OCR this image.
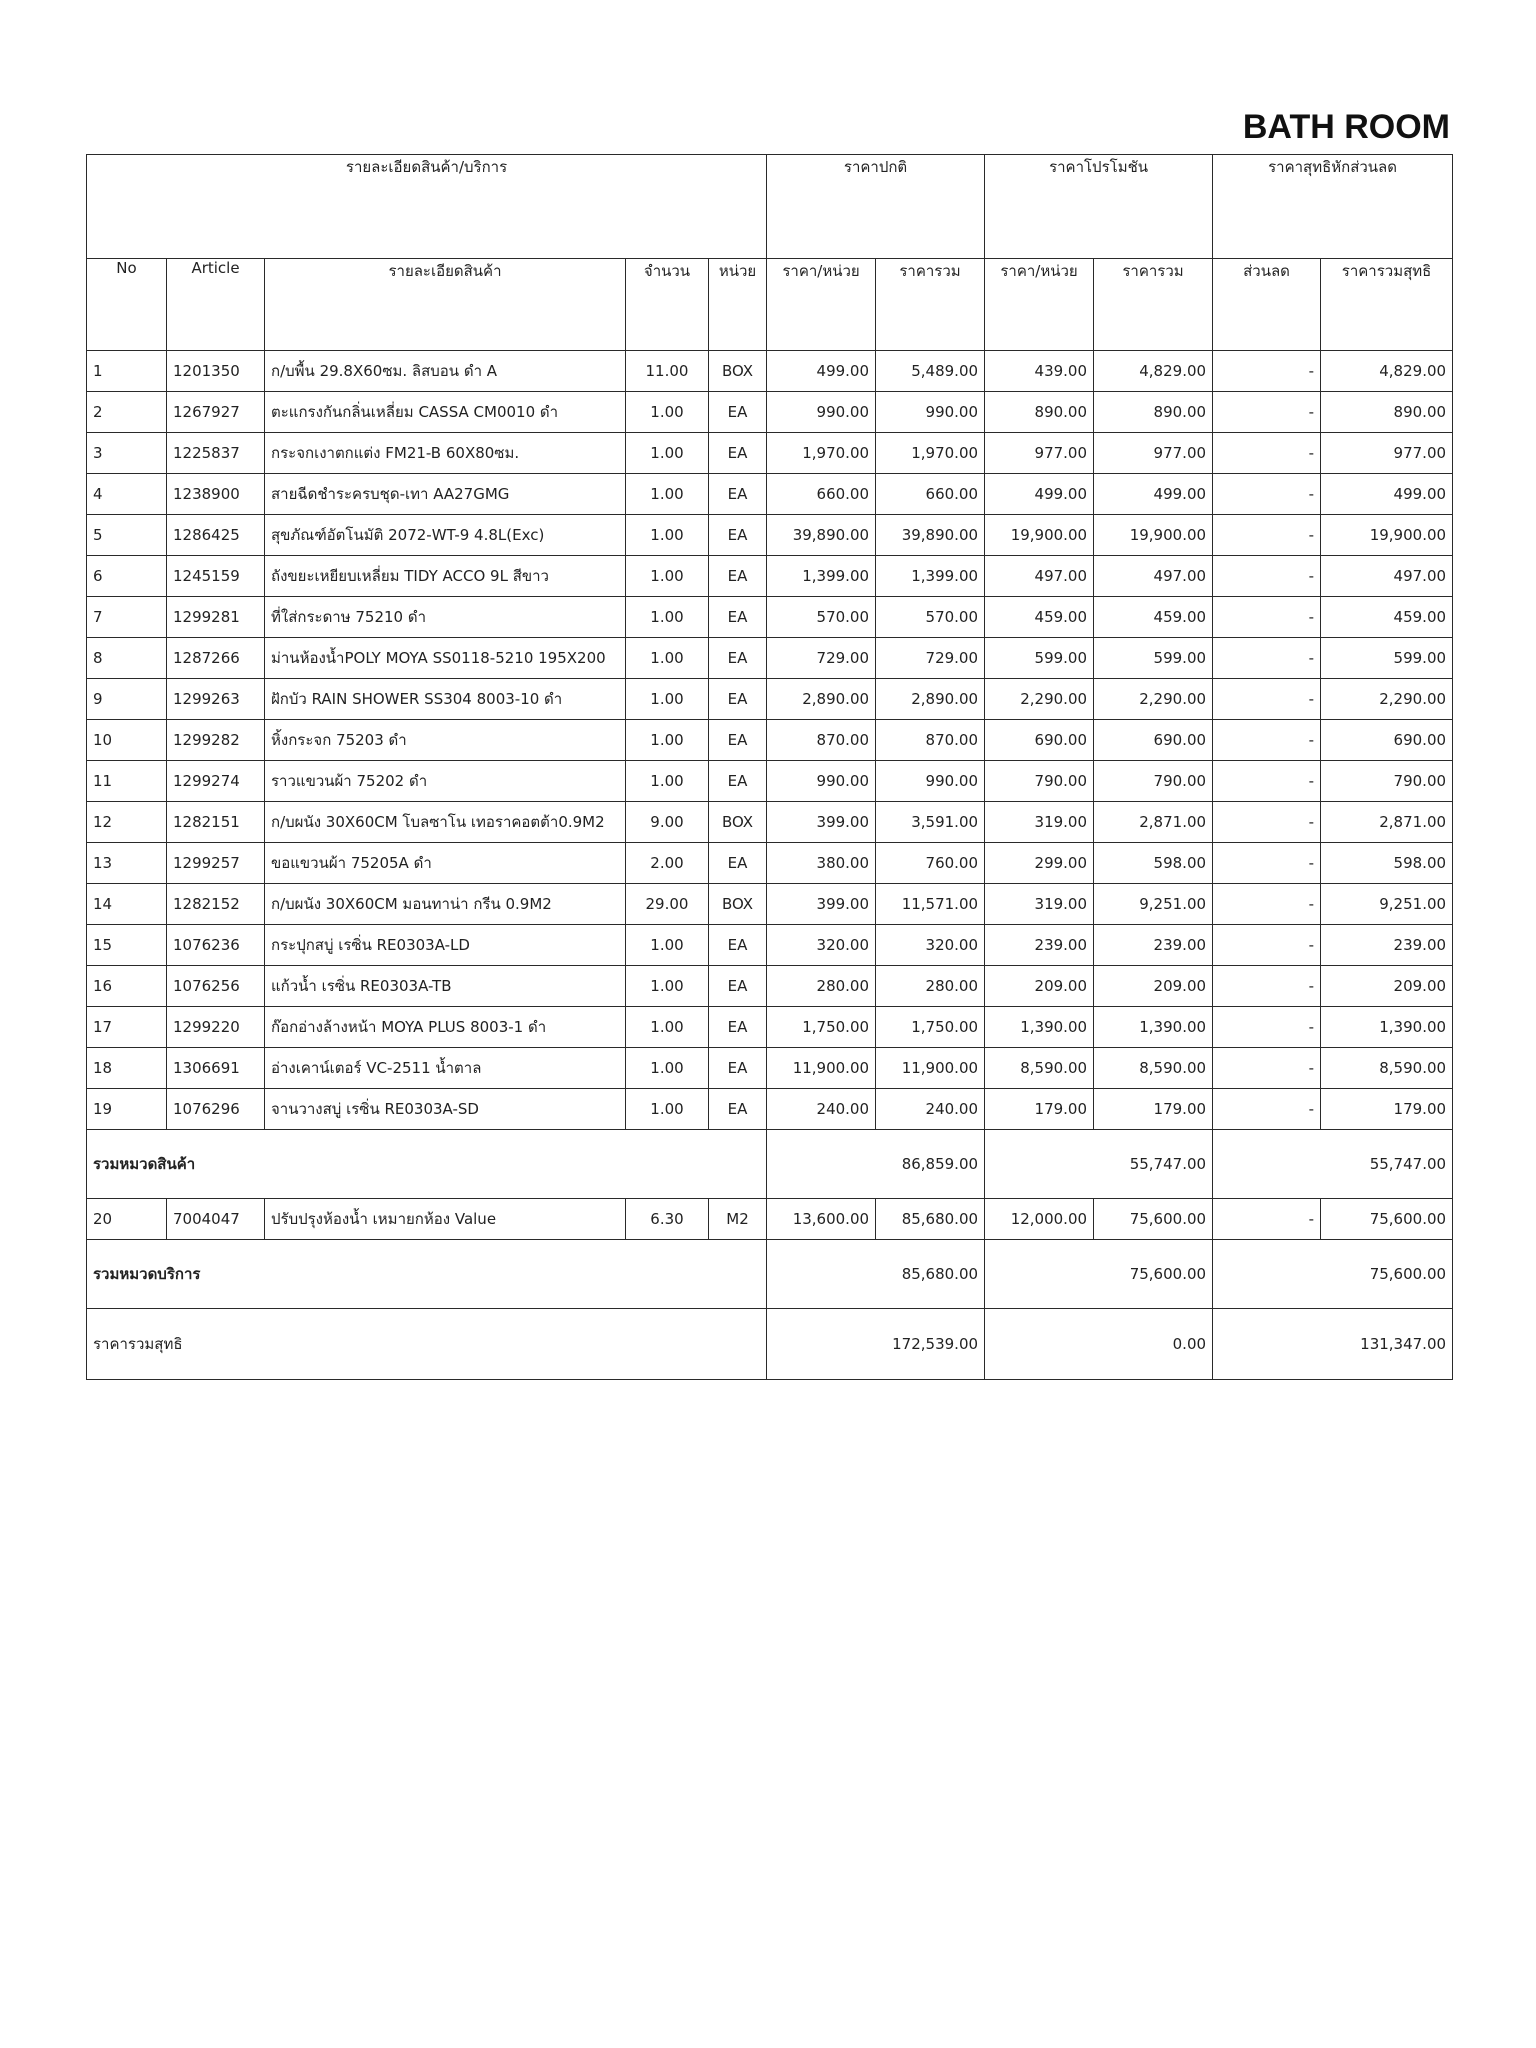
BATH ROOM
รายละเอียดสินค้า/บริการ					ราคาปกติ		ราคาโปรโมชัน		ราคาสุทธิหักส่วนลด	
No	Article	รายละเอียดสินค้า	จำนวน	หน่วย	ราคา/หน่วย	ราคารวม	ราคา/หน่วย	ราคารวม	ส่วนลด	ราคารวมสุทธิ
1	1201350	ก/บพื้น 29.8X60ซม. ลิสบอน ดำ A	11.00	BOX	499.00	5,489.00	439.00	4,829.00	-	4,829.00
2	1267927	ตะแกรงกันกลิ่นเหลี่ยม CASSA CM0010 ดำ	1.00	EA	990.00	990.00	890.00	890.00	-	890.00
3	1225837	กระจกเงาตกแต่ง FM21-B 60X80ซม.	1.00	EA	1,970.00	1,970.00	977.00	977.00	-	977.00
4	1238900	สายฉีดชำระครบชุด-เทา AA27GMG	1.00	EA	660.00	660.00	499.00	499.00	-	499.00
5	1286425	สุขภัณฑ์อัตโนมัติ 2072-WT-9 4.8L(Exc)	1.00	EA	39,890.00	39,890.00	19,900.00	19,900.00	-	19,900.00
6	1245159	ถังขยะเหยียบเหลี่ยม TIDY ACCO 9L สีขาว	1.00	EA	1,399.00	1,399.00	497.00	497.00	-	497.00
7	1299281	ที่ใส่กระดาษ 75210 ดำ	1.00	EA	570.00	570.00	459.00	459.00	-	459.00
8	1287266	ม่านห้องน้ำPOLY MOYA SS0118-5210 195X200	1.00	EA	729.00	729.00	599.00	599.00	-	599.00
9	1299263	ฝักบัว RAIN SHOWER SS304 8003-10 ดำ	1.00	EA	2,890.00	2,890.00	2,290.00	2,290.00	-	2,290.00
10	1299282	หิ้งกระจก 75203 ดำ	1.00	EA	870.00	870.00	690.00	690.00	-	690.00
11	1299274	ราวแขวนผ้า 75202 ดำ	1.00	EA	990.00	990.00	790.00	790.00	-	790.00
12	1282151	ก/บผนัง 30X60CM โบลซาโน เทอราคอตต้า0.9M2	9.00	BOX	399.00	3,591.00	319.00	2,871.00	-	2,871.00
13	1299257	ขอแขวนผ้า 75205A ดำ	2.00	EA	380.00	760.00	299.00	598.00	-	598.00
14	1282152	ก/บผนัง 30X60CM มอนทาน่า กรีน 0.9M2	29.00	BOX	399.00	11,571.00	319.00	9,251.00	-	9,251.00
15	1076236	กระปุกสบู่ เรซิ่น RE0303A-LD	1.00	EA	320.00	320.00	239.00	239.00	-	239.00
16	1076256	แก้วน้ำ เรซิ่น RE0303A-TB	1.00	EA	280.00	280.00	209.00	209.00	-	209.00
17	1299220	ก๊อกอ่างล้างหน้า MOYA PLUS 8003-1 ดำ	1.00	EA	1,750.00	1,750.00	1,390.00	1,390.00	-	1,390.00
18	1306691	อ่างเคาน์เตอร์ VC-2511 น้ำตาล	1.00	EA	11,900.00	11,900.00	8,590.00	8,590.00	-	8,590.00
19	1076296	จานวางสบู่ เรซิ่น RE0303A-SD	1.00	EA	240.00	240.00	179.00	179.00	-	179.00
รวมหมวดสินค้า					86,859.00		55,747.00		55,747.00	
20	7004047	ปรับปรุงห้องน้ำ เหมายกห้อง Value	6.30	M2	13,600.00	85,680.00	12,000.00	75,600.00	-	75,600.00
รวมหมวดบริการ					85,680.00		75,600.00		75,600.00	
ราคารวมสุทธิ					172,539.00		0.00		131,347.00	
